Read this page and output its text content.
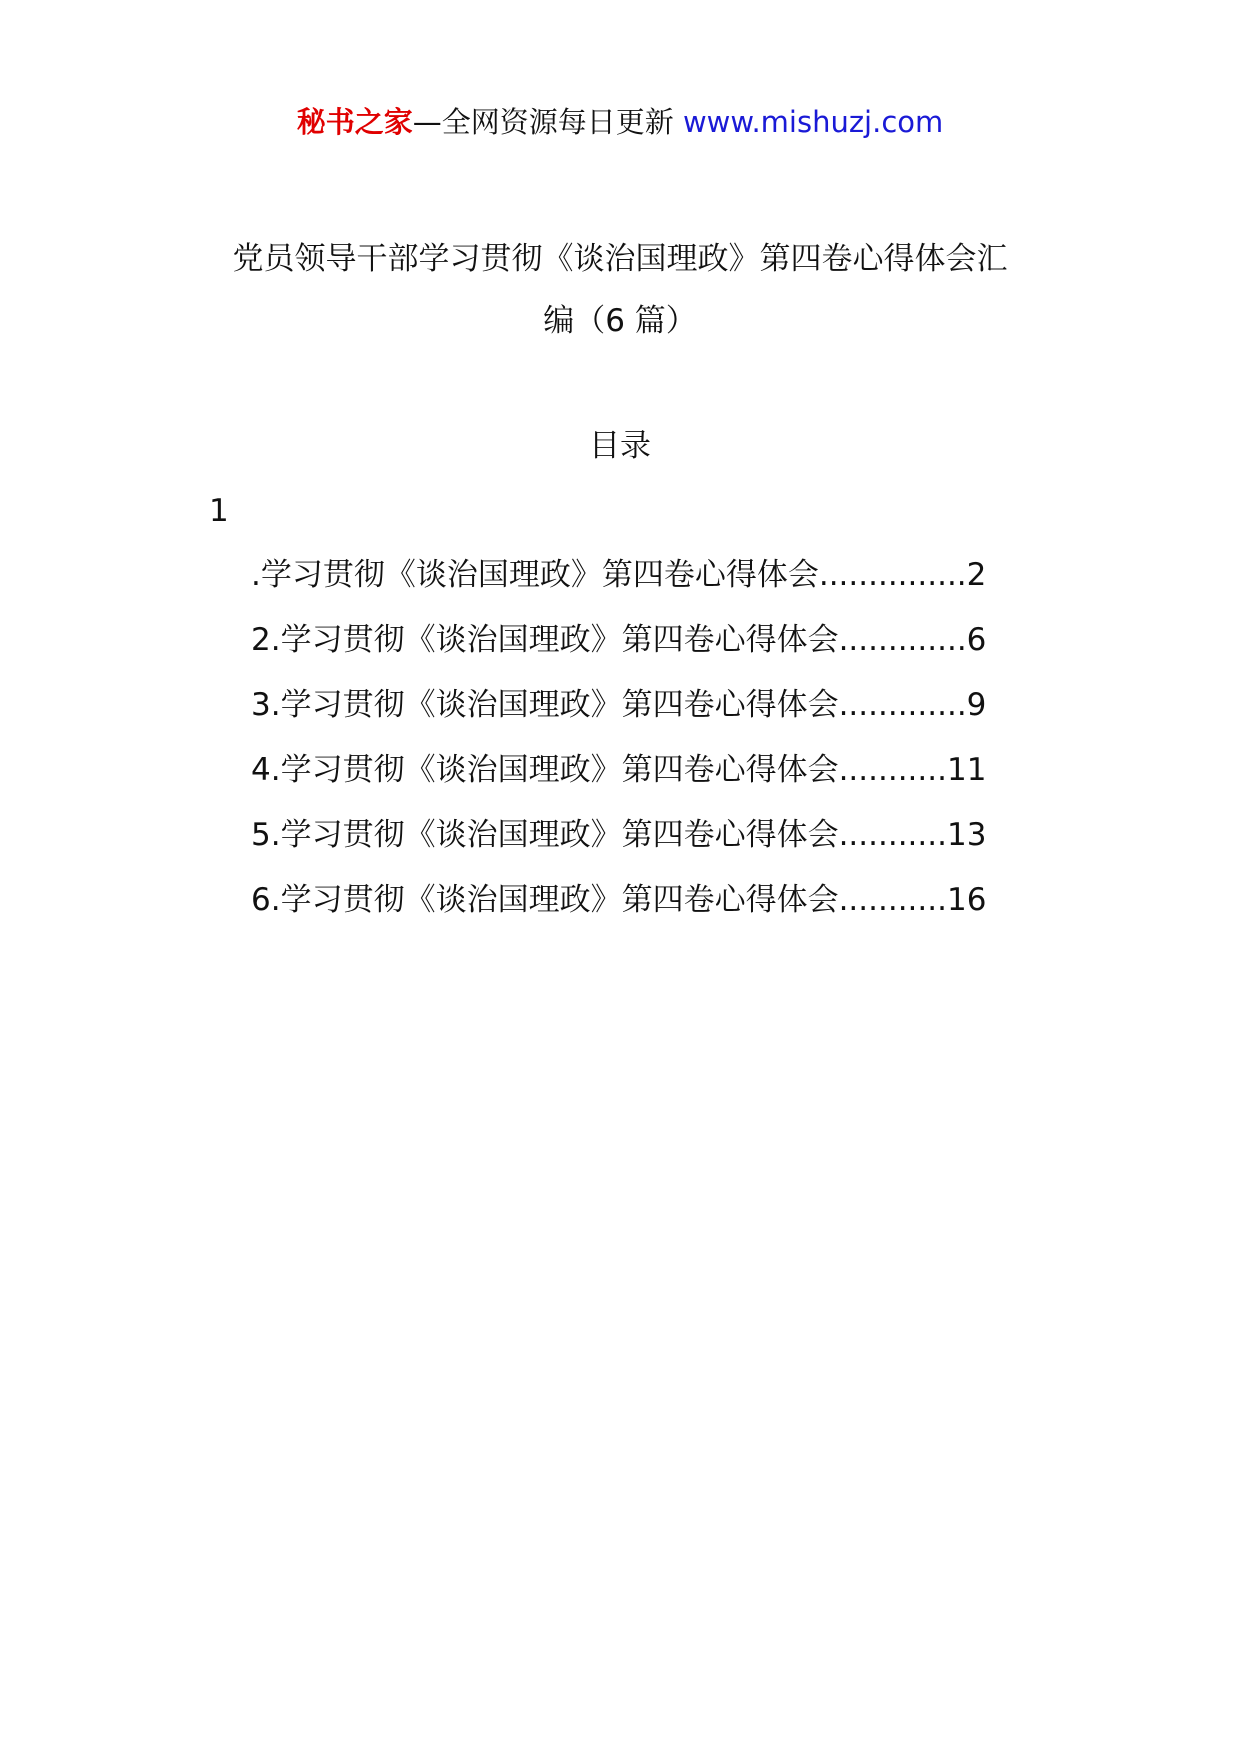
秘书之家—全网资源每日更新 www.mishuzj.com
党员领导干部学习贯彻《谈治国理政》第四卷心得体会汇
编（6 篇）
目录
1
.学习贯彻《谈治国理政》第四卷心得体会...............2
2.学习贯彻《谈治国理政》第四卷心得体会.............6
3.学习贯彻《谈治国理政》第四卷心得体会.............9
4.学习贯彻《谈治国理政》第四卷心得体会...........11
5.学习贯彻《谈治国理政》第四卷心得体会...........13
6.学习贯彻《谈治国理政》第四卷心得体会...........16
